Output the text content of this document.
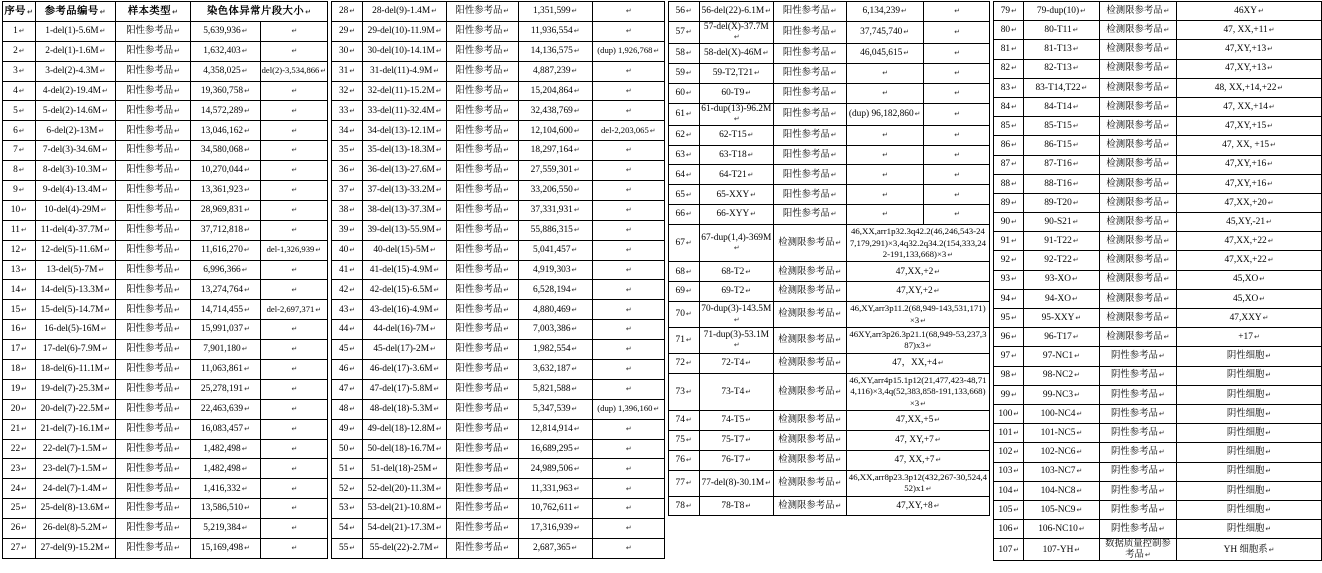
序号↵	参考品编号↵	样本类型↵	染色体异常片段大小↵	
1↵	1-del(1)-5.6M↵	阳性参考品↵	5,639,936↵	↵
2↵	2-del(1)-1.6M↵	阳性参考品↵	1,632,403↵	↵
3↵	3-del(2)-4.3M↵	阳性参考品↵	4,358,025↵	del(2)-3,534,866↵
4↵	4-del(2)-19.4M↵	阳性参考品↵	19,360,758↵	↵
5↵	5-del(2)-14.6M↵	阳性参考品↵	14,572,289↵	↵
6↵	6-del(2)-13M↵	阳性参考品↵	13,046,162↵	↵
7↵	7-del(3)-34.6M↵	阳性参考品↵	34,580,068↵	↵
8↵	8-del(3)-10.3M↵	阳性参考品↵	10,270,044↵	↵
9↵	9-del(4)-13.4M↵	阳性参考品↵	13,361,923↵	↵
10↵	10-del(4)-29M↵	阳性参考品↵	28,969,831↵	↵
11↵	11-del(4)-37.7M↵	阳性参考品↵	37,712,818↵	↵
12↵	12-del(5)-11.6M↵	阳性参考品↵	11,616,270↵	del-1,326,939↵
13↵	13-del(5)-7M↵	阳性参考品↵	6,996,366↵	↵
14↵	14-del(5)-13.3M↵	阳性参考品↵	13,274,764↵	↵
15↵	15-del(5)-14.7M↵	阳性参考品↵	14,714,455↵	del-2,697,371↵
16↵	16-del(5)-16M↵	阳性参考品↵	15,991,037↵	↵
17↵	17-del(6)-7.9M↵	阳性参考品↵	7,901,180↵	↵
18↵	18-del(6)-11.1M↵	阳性参考品↵	11,063,861↵	↵
19↵	19-del(7)-25.3M↵	阳性参考品↵	25,278,191↵	↵
20↵	20-del(7)-22.5M↵	阳性参考品↵	22,463,639↵	↵
21↵	21-del(7)-16.1M↵	阳性参考品↵	16,083,457↵	↵
22↵	22-del(7)-1.5M↵	阳性参考品↵	1,482,498↵	↵
23↵	23-del(7)-1.5M↵	阳性参考品↵	1,482,498↵	↵
24↵	24-del(7)-1.4M↵	阳性参考品↵	1,416,332↵	↵
25↵	25-del(8)-13.6M↵	阳性参考品↵	13,586,510↵	↵
26↵	26-del(8)-5.2M↵	阳性参考品↵	5,219,384↵	↵
27↵	27-del(9)-15.2M↵	阳性参考品↵	15,169,498↵	↵
28↵	28-del(9)-1.4M↵	阳性参考品↵	1,351,599↵	↵
29↵	29-del(10)-11.9M↵	阳性参考品↵	11,936,554↵	↵
30↵	30-del(10)-14.1M↵	阳性参考品↵	14,136,575↵	(dup) 1,926,768↵
31↵	31-del(11)-4.9M↵	阳性参考品↵	4,887,239↵	↵
32↵	32-del(11)-15.2M↵	阳性参考品↵	15,204,864↵	↵
33↵	33-del(11)-32.4M↵	阳性参考品↵	32,438,769↵	↵
34↵	34-del(13)-12.1M↵	阳性参考品↵	12,104,600↵	del-2,203,065↵
35↵	35-del(13)-18.3M↵	阳性参考品↵	18,297,164↵	↵
36↵	36-del(13)-27.6M↵	阳性参考品↵	27,559,301↵	↵
37↵	37-del(13)-33.2M↵	阳性参考品↵	33,206,550↵	↵
38↵	38-del(13)-37.3M↵	阳性参考品↵	37,331,931↵	↵
39↵	39-del(13)-55.9M↵	阳性参考品↵	55,886,315↵	↵
40↵	40-del(15)-5M↵	阳性参考品↵	5,041,457↵	↵
41↵	41-del(15)-4.9M↵	阳性参考品↵	4,919,303↵	↵
42↵	42-del(15)-6.5M↵	阳性参考品↵	6,528,194↵	↵
43↵	43-del(16)-4.9M↵	阳性参考品↵	4,880,469↵	↵
44↵	44-del(16)-7M↵	阳性参考品↵	7,003,386↵	↵
45↵	45-del(17)-2M↵	阳性参考品↵	1,982,554↵	↵
46↵	46-del(17)-3.6M↵	阳性参考品↵	3,632,187↵	↵
47↵	47-del(17)-5.8M↵	阳性参考品↵	5,821,588↵	↵
48↵	48-del(18)-5.3M↵	阳性参考品↵	5,347,539↵	(dup) 1,396,160↵
49↵	49-del(18)-12.8M↵	阳性参考品↵	12,814,914↵	↵
50↵	50-del(18)-16.7M↵	阳性参考品↵	16,689,295↵	↵
51↵	51-del(18)-25M↵	阳性参考品↵	24,989,506↵	↵
52↵	52-del(20)-11.3M↵	阳性参考品↵	11,331,963↵	↵
53↵	53-del(21)-10.8M↵	阳性参考品↵	10,762,611↵	↵
54↵	54-del(21)-17.3M↵	阳性参考品↵	17,316,939↵	↵
55↵	55-del(22)-2.7M↵	阳性参考品↵	2,687,365↵	↵
56↵	56-del(22)-6.1M↵	阳性参考品↵	6,134,239↵	↵
57↵	57-del(X)-37.7M↵	阳性参考品↵	37,745,740↵	↵
58↵	58-del(X)-46M↵	阳性参考品↵	46,045,615↵	↵
59↵	59-T2,T21↵	阳性参考品↵	↵	↵
60↵	60-T9↵	阳性参考品↵	↵	↵
61↵	61-dup(13)-96.2M↵	阳性参考品↵	(dup) 96,182,860↵	↵
62↵	62-T15↵	阳性参考品↵	↵	↵
63↵	63-T18↵	阳性参考品↵	↵	↵
64↵	64-T21↵	阳性参考品↵	↵	↵
65↵	65-XXY↵	阳性参考品↵	↵	↵
66↵	66-XYY↵	阳性参考品↵	↵	↵
67↵	67-dup(1,4)-369M↵	检测限参考品↵	46,XX,arr1p32.3q42.2(46,246,543-247,179,291)×3,4q32.2q34.2(154,333,242-191,133,668)×3↵	
68↵	68-T2↵	检测限参考品↵	47,XX,+2↵	
69↵	69-T2↵	检测限参考品↵	47,XY,+2↵	
70↵	70-dup(3)-143.5M↵	检测限参考品↵	46,XY,arr3p11.2(68,949-143,531,171)×3↵	
71↵	71-dup(3)-53.1M↵	检测限参考品↵	46XY,arr3p26.3p21.1(68,949-53,237,387)x3↵	
72↵	72-T4↵	检测限参考品↵	47，XX,+4↵	
73↵	73-T4↵	检测限参考品↵	46,XY,arr4p15.1p12(21,477,423-48,714,116)×3,4q(52,383,858-191,133,668)×3↵	
74↵	74-T5↵	检测限参考品↵	47,XX,+5↵	
75↵	75-T7↵	检测限参考品↵	47, XY,+7↵	
76↵	76-T7↵	检测限参考品↵	47, XX,+7↵	
77↵	77-del(8)-30.1M↵	检测限参考品↵	46,XX,arr8p23.3p12(432,267-30,524,452)x1↵	
78↵	78-T8↵	检测限参考品↵	47,XY,+8↵	
79↵	79-dup(10)↵	检测限参考品↵	46XY↵
80↵	80-T11↵	检测限参考品↵	47, XX,+11↵
81↵	81-T13↵	检测限参考品↵	47,XY,+13↵
82↵	82-T13↵	检测限参考品↵	47,XY,+13↵
83↵	83-T14,T22↵	检测限参考品↵	48, XX,+14,+22↵
84↵	84-T14↵	检测限参考品↵	47, XX,+14↵
85↵	85-T15↵	检测限参考品↵	47,XY,+15↵
86↵	86-T15↵	检测限参考品↵	47, XX, +15↵
87↵	87-T16↵	检测限参考品↵	47,XY,+16↵
88↵	88-T16↵	检测限参考品↵	47,XY,+16↵
89↵	89-T20↵	检测限参考品↵	47,XX,+20↵
90↵	90-S21↵	检测限参考品↵	45,XY,-21↵
91↵	91-T22↵	检测限参考品↵	47,XX,+22↵
92↵	92-T22↵	检测限参考品↵	47,XX,+22↵
93↵	93-XO↵	检测限参考品↵	45,XO↵
94↵	94-XO↵	检测限参考品↵	45,XO↵
95↵	95-XXY↵	检测限参考品↵	47,XXY↵
96↵	96-T17↵	检测限参考品↵	+17↵
97↵	97-NC1↵	阴性参考品↵	阴性细胞↵
98↵	98-NC2↵	阴性参考品↵	阴性细胞↵
99↵	99-NC3↵	阴性参考品↵	阴性细胞↵
100↵	100-NC4↵	阴性参考品↵	阴性细胞↵
101↵	101-NC5↵	阴性参考品↵	阴性细胞↵
102↵	102-NC6↵	阴性参考品↵	阴性细胞↵
103↵	103-NC7↵	阴性参考品↵	阴性细胞↵
104↵	104-NC8↵	阴性参考品↵	阴性细胞↵
105↵	105-NC9↵	阴性参考品↵	阴性细胞↵
106↵	106-NC10↵	阴性参考品↵	阴性细胞↵
107↵	107-YH↵	数据质量控制参考品↵	YH 细胞系↵
